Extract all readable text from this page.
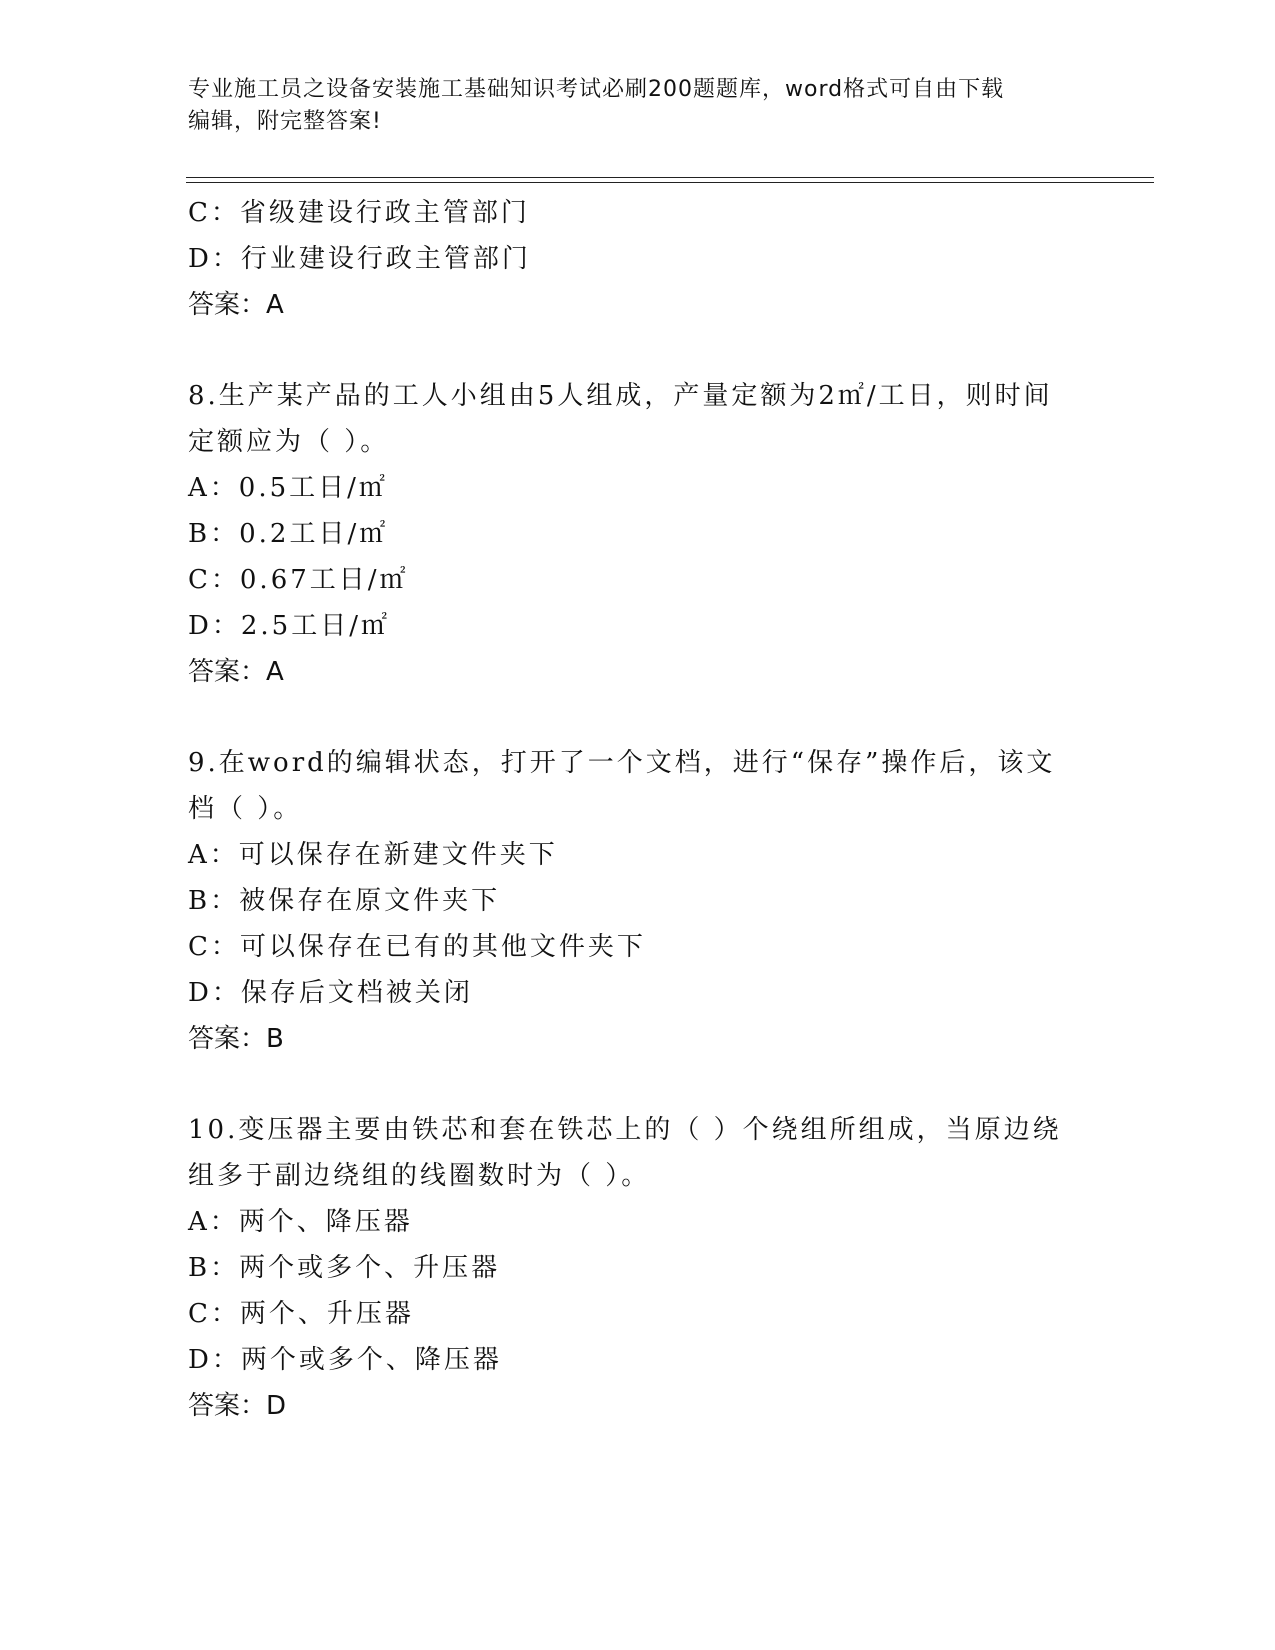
专业施工员之设备安装施工基础知识考试必刷200题题库，word格式可自由下载
编辑，附完整答案!
C：省级建设行政主管部门
D：行业建设行政主管部门
答案：A
8.生产某产品的工人小组由5人组成，产量定额为2㎡/工日，则时间
定额应为（ ）。
A：0.5工日/㎡
B：0.2工日/㎡
C：0.67工日/㎡
D：2.5工日/㎡
答案：A
9.在word的编辑状态，打开了一个文档，进行“保存”操作后，该文
档（ ）。
A：可以保存在新建文件夹下
B：被保存在原文件夹下
C：可以保存在已有的其他文件夹下
D：保存后文档被关闭
答案：B
10.变压器主要由铁芯和套在铁芯上的（ ）个绕组所组成，当原边绕
组多于副边绕组的线圈数时为（ ）。
A：两个、降压器
B：两个或多个、升压器
C：两个、升压器
D：两个或多个、降压器
答案：D
